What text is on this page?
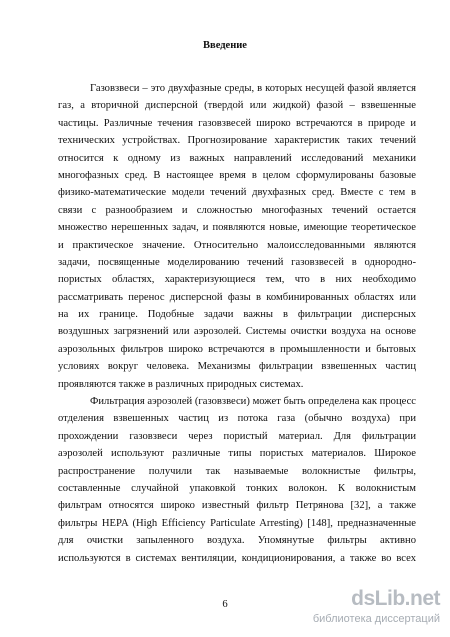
Введение
Газовзвеси – это двухфазные среды, в которых несущей фазой является
газ, а вторичной дисперсной (твердой или жидкой) фазой – взвешенные
частицы. Различные течения газовзвесей широко встречаются в природе и
технических устройствах. Прогнозирование характеристик таких течений
относится к одному из важных направлений исследований механики
многофазных сред. В настоящее время в целом сформулированы базовые
физико-математические модели течений двухфазных сред. Вместе с тем в
связи с разнообразием и сложностью многофазных течений остается
множество нерешенных задач, и появляются новые, имеющие теоретическое
и практическое значение. Относительно малоисследованными являются
задачи, посвященные моделированию течений газовзвесей в однородно-
пористых областях, характеризующиеся тем, что в них необходимо
рассматривать перенос дисперсной фазы в комбинированных областях или
на их границе. Подобные задачи важны в фильтрации дисперсных
воздушных загрязнений или аэрозолей. Системы очистки воздуха на основе
аэрозольных фильтров широко встречаются в промышленности и бытовых
условиях вокруг человека. Механизмы фильтрации взвешенных частиц
проявляются также в различных природных системах.
Фильтрация аэрозолей (газовзвеси) может быть определена как процесс
отделения взвешенных частиц из потока газа (обычно воздуха) при
прохождении газовзвеси через пористый материал. Для фильтрации
аэрозолей используют различные типы пористых материалов. Широкое
распространение получили так называемые волокнистые фильтры,
составленные случайной упаковкой тонких волокон. К волокнистым
фильтрам относятся широко известный фильтр Петрянова [32], а также
фильтры HEPA (High Efficiency Particulate Arresting) [148], предназначенные
для очистки запыленного воздуха. Упомянутые фильтры активно
используются в системах вентиляции, кондиционирования, а также во всех
6	dsLib.net
библиотека диссертаций
